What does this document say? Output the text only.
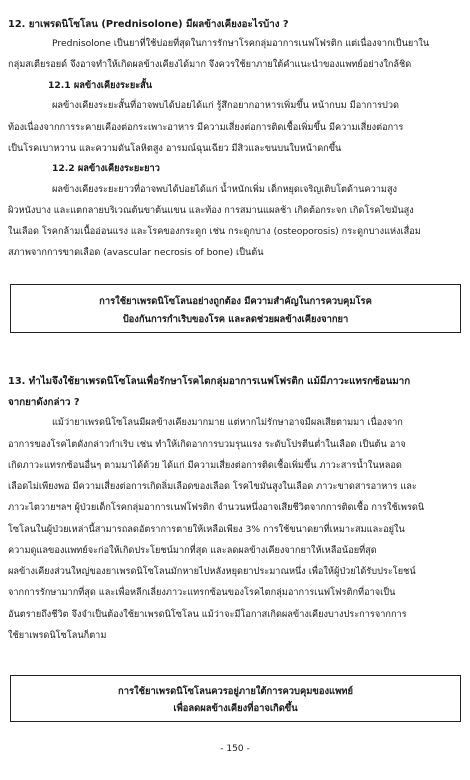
12. ยาเพรดนิโซโลน (Prednisolone) มีผลข้างเคียงอะไรบ้าง ?
Prednisolone เป็นยาที่ใช้บ่อยที่สุดในการรักษาโรคกลุ่มอาการเนฟโฟรติก แต่เนื่องจากเป็นยาใน
กลุ่มสเตียรอยด์ จึงอาจทำให้เกิดผลข้างเคียงได้มาก จึงควรใช้ยาภายใต้คำแนะนำของแพทย์อย่างใกล้ชิด
12.1 ผลข้างเคียงระยะสั้น
ผลข้างเคียงระยะสั้นที่อาจพบได้บ่อยได้แก่ รู้สึกอยากอาหารเพิ่มขึ้น หน้ากบม มีอาการปวด
ท้องเนื่องจากการระคายเคืองต่อกระเพาะอาหาร มีความเสี่ยงต่อการติดเชื้อเพิ่มขึ้น มีความเสี่ยงต่อการ
เป็นโรคเบาหวาน และความดันโลหิตสูง อารมณ์ฉุนเฉียว มีสิวและขนบนใบหน้าดกขึ้น
12.2 ผลข้างเคียงระยะยาว
ผลข้างเคียงระยะยาวที่อาจพบได้บ่อยได้แก่ น้ำหนักเพิ่ม เด็กหยุดเจริญเติบโตด้านความสูง
ผิวหนังบาง และแตกลายบริเวณต้นขาต้นแขน และท้อง การสมานแผลช้า เกิดต้อกระจก เกิดโรคไขมันสูง
ในเลือด โรคกล้ามเนื้ออ่อนแรง และโรคของกระดูก เช่น กระดูกบาง (osteoporosis) กระดูกบางแห่งเสื่อม
สภาพจากการขาดเลือด (avascular necrosis of bone) เป็นต้น
การใช้ยาเพรดนิโซโลนอย่างถูกต้อง มีความสำคัญในการควบคุมโรค
ป้องกันการกำเริบของโรค และลดช่วยผลข้างเคียงจากยา
13. ทำไมจึงใช้ยาเพรดนิโซโลนเพื่อรักษาโรคไตกลุ่มอาการเนฟโฟรติก แม้มีภาวะแทรกซ้อนมาก
จากยาดังกล่าว ?
แม้ว่ายาเพรดนิโซโลนมีผลข้างเคียงมากมาย แต่หากไม่รักษาอาจมีผลเสียตามมา เนื่องจาก
อาการของโรคไตดังกล่าวกำเริบ เช่น ทำให้เกิดอาการบวมรุนแรง ระดับโปรตีนต่ำในเลือด เป็นต้น อาจ
เกิดภาวะแทรกซ้อนอื่นๆ ตามมาได้ด้วย ได้แก่ มีความเสี่ยงต่อการติดเชื้อเพิ่มขึ้น ภาวะสารน้ำในหลอด
เลือดไม่เพียงพอ มีความเสี่ยงต่อการเกิดลิ่มเลือดของเลือด โรคไขมันสูงในเลือด ภาวะขาดสารอาหาร และ
ภาวะไตวายฯลฯ ผู้ป่วยเด็กโรคกลุ่มอาการเนฟโฟรติก จำนวนหนึ่งอาจเสียชีวิตจากการติดเชื้อ การใช้เพรดนิ
โซโลนในผู้ป่วยเหล่านี้สามารถลดอัตราการตายให้เหลือเพียง 3% การใช้ขนาดยาที่เหมาะสมและอยู่ใน
ความดูแลของแพทย์จะก่อให้เกิดประโยชน์มากที่สุด และลดผลข้างเคียงจากยาให้เหลือน้อยที่สุด
ผลข้างเคียงส่วนใหญ่ของยาเพรดนิโซโลนมักหายไปหลังหยุดยาประมาณหนึ่ง เพื่อให้ผู้ป่วยได้รับประโยชน์
จากการรักษามากที่สุด และเพื่อหลีกเลี่ยงภาวะแทรกซ้อนของโรคไตกลุ่มอาการเนฟโฟรติกที่อาจเป็น
อันตรายถึงชีวิต จึงจำเป็นต้องใช้ยาเพรดนิโซโลน แม้ว่าจะมีโอกาสเกิดผลข้างเคียงบางประการจากการ
ใช้ยาเพรดนิโซโลนก็ตาม
การใช้ยาเพรดนิโซโลนควรอยู่ภายใต้การควบคุมของแพทย์
เพื่อลดผลข้างเคียงที่อาจเกิดขึ้น
- 150 -
